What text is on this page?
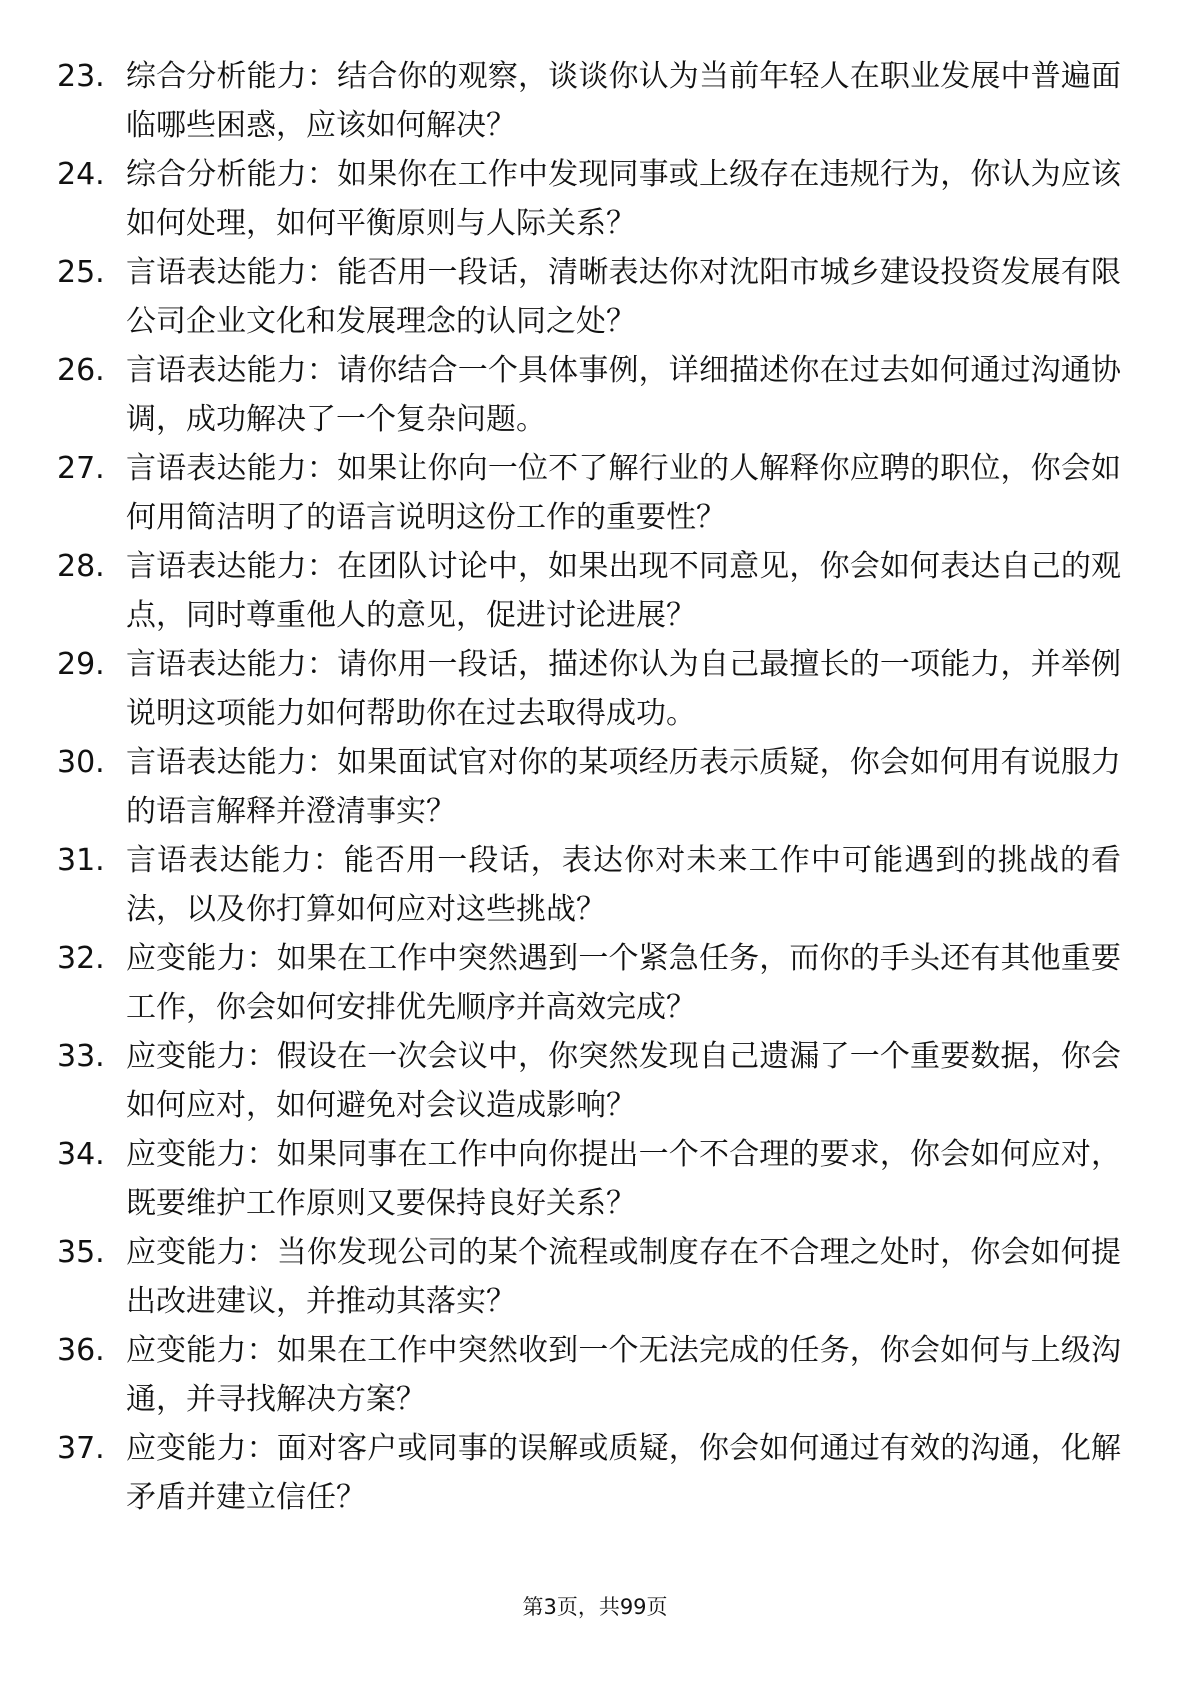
23. 综合分析能力：结合你的观察，谈谈你认为当前年轻人在职业发展中普遍面临哪些困惑，应该如何解决？
24. 综合分析能力：如果你在工作中发现同事或上级存在违规行为，你认为应该如何处理，如何平衡原则与人际关系？
25. 言语表达能力：能否用一段话，清晰表达你对沈阳市城乡建设投资发展有限公司企业文化和发展理念的认同之处？
26. 言语表达能力：请你结合一个具体事例，详细描述你在过去如何通过沟通协调，成功解决了一个复杂问题。
27. 言语表达能力：如果让你向一位不了解行业的人解释你应聘的职位，你会如何用简洁明了的语言说明这份工作的重要性？
28. 言语表达能力：在团队讨论中，如果出现不同意见，你会如何表达自己的观点，同时尊重他人的意见，促进讨论进展？
29. 言语表达能力：请你用一段话，描述你认为自己最擅长的一项能力，并举例说明这项能力如何帮助你在过去取得成功。
30. 言语表达能力：如果面试官对你的某项经历表示质疑，你会如何用有说服力的语言解释并澄清事实？
31. 言语表达能力：能否用一段话，表达你对未来工作中可能遇到的挑战的看法，以及你打算如何应对这些挑战？
32. 应变能力：如果在工作中突然遇到一个紧急任务，而你的手头还有其他重要工作，你会如何安排优先顺序并高效完成？
33. 应变能力：假设在一次会议中，你突然发现自己遗漏了一个重要数据，你会如何应对，如何避免对会议造成影响？
34. 应变能力：如果同事在工作中向你提出一个不合理的要求，你会如何应对，既要维护工作原则又要保持良好关系？
35. 应变能力：当你发现公司的某个流程或制度存在不合理之处时，你会如何提出改进建议，并推动其落实？
36. 应变能力：如果在工作中突然收到一个无法完成的任务，你会如何与上级沟通，并寻找解决方案？
37. 应变能力：面对客户或同事的误解或质疑，你会如何通过有效的沟通，化解矛盾并建立信任？
第3页，共99页
